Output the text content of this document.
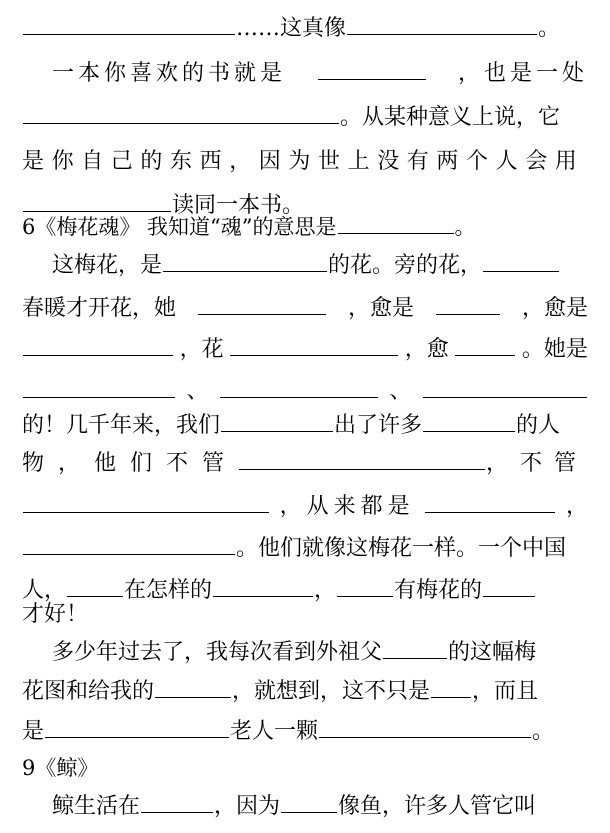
……这真像	。
一本你喜欢的书就是	，也是一处
。从某种意义上说，它
是你自己的东西，因为世上没有两个人会用
读同一本书。
6《梅花魂》 我知道“魂”的意思是	。
这梅花，是	的花。旁的花，
春暖才开花，她	，愈是	，愈是
，花	，愈	。她是
、	、
的！几千年来，我们	出了许多	的人
物，他们不管	，不管
，从来都是	，
。他们就像这梅花一样。一个中国
人，	在怎样的	，	有梅花的
才好！
多少年过去了，我每次看到外祖父	的这幅梅
花图和给我的	，就想到，这不只是 ，而且
是	老人一颗	。
9《鲸》
鲸生活在	，因为	像鱼，许多人管它叫
